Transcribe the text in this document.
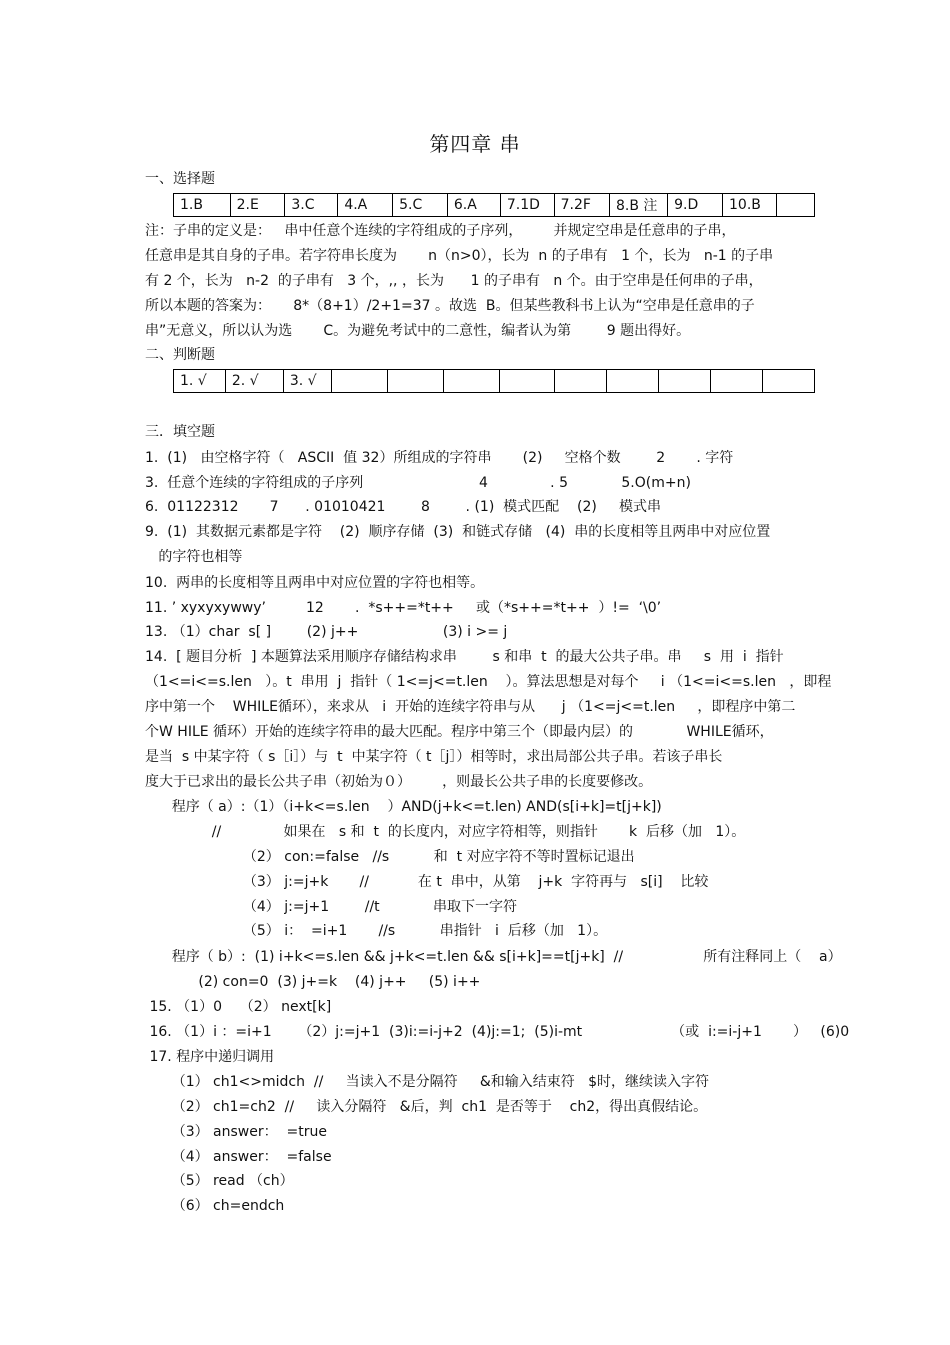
第四章 串
一、选择题
1.B	2.E	3.C	4.A	5.C	6.A	7.1D	7.2F	8.B 注	9.D	10.B	
注：子串的定义是：   串中任意个连续的字符组成的子序列，       并规定空串是任意串的子串，
任意串是其自身的子串。若字符串长度为       n（n>0），长为  n 的子串有   1 个，长为   n-1 的子串
有 2 个，长为   n-2  的子串有   3 个，,, ，长为      1 的子串有   n 个。由于空串是任何串的子串，
所以本题的答案为：     8*（8+1）/2+1=37 。故选  B。但某些教科书上认为“空串是任意串的子
串”无意义，所以认为选       C。为避免考试中的二意性，编者认为第        9 题出得好。
二、判断题
1. √	2. √	3. √									
三．填空题
1.  (1)   由空格字符（   ASCII  值 32）所组成的字符串       (2)     空格个数        2       . 字符
3.  任意个连续的字符组成的子序列                          4              . 5            5.O(m+n)
6.  01122312       7      . 01010421        8        . (1)  模式匹配    (2)     模式串
9.  (1)  其数据元素都是字符    (2)  顺序存储  (3)  和链式存储   (4)  串的长度相等且两串中对应位置
的字符也相等
10.  两串的长度相等且两串中对应位置的字符也相等。
11. ’ xyxyxywwy’         12       .  *s++=*t++     或（*s++=*t++  ）!=  ‘\0’
13. （1）char  s[ ]        (2) j++                   (3) i >= j
14.  [ 题目分析  ] 本题算法采用顺序存储结构求串        s 和串  t  的最大公共子串。串     s  用  i  指针
（1<=i<=s.len   ）。t  串用  j  指针（ 1<=j<=t.len    ）。算法思想是对每个     i （1<=i<=s.len   ，即程
序中第一个    WHILE循环），来求从   i  开始的连续字符串与从      j （1<=j<=t.len     ，即程序中第二
个W HILE 循环）开始的连续字符串的最大匹配。程序中第三个（即最内层）的            WHILE循环，
是当  s 中某字符（ s［i］）与  t  中某字符（ t［j］）相等时，求出局部公共子串。若该子串长
度大于已求出的最长公共子串（初始为０）       ，则最长公共子串的长度要修改。
程序（ a）:（1）（i+k<=s.len    ）AND(j+k<=t.len) AND(s[i+k]=t[j+k])
//              如果在   s 和  t  的长度内，对应字符相等，则指针       k  后移（加   1）。
（2） con:=false   //s          和  t 对应字符不等时置标记退出
（3） j:=j+k       //           在 t  串中，从第    j+k  字符再与   s[i]    比较
（4） j:=j+1        //t            串取下一字符
（5） i：  =i+1       //s          串指针   i  后移（加   1）。
程序（ b）:  (1) i+k<=s.len && j+k<=t.len && s[i+k]==t[j+k]  //                  所有注释同上（    a）
(2) con=0  (3) j+=k    (4) j++     (5) i++
15. （1）0    （2） next[k]
16. （1）i ：=i+1      （2）j:=j+1  (3)i:=i-j+2  (4)j:=1;  (5)i-mt                    （或  i:=i-j+1       ）   (6)0
17. 程序中递归调用
（1） ch1<>midch  //     当读入不是分隔符     &和输入结束符   $时，继续读入字符
（2） ch1=ch2  //     读入分隔符   &后，判  ch1  是否等于    ch2，得出真假结论。
（3） answer：  =true
（4） answer：  =false
（5） read （ch）
（6） ch=endch
